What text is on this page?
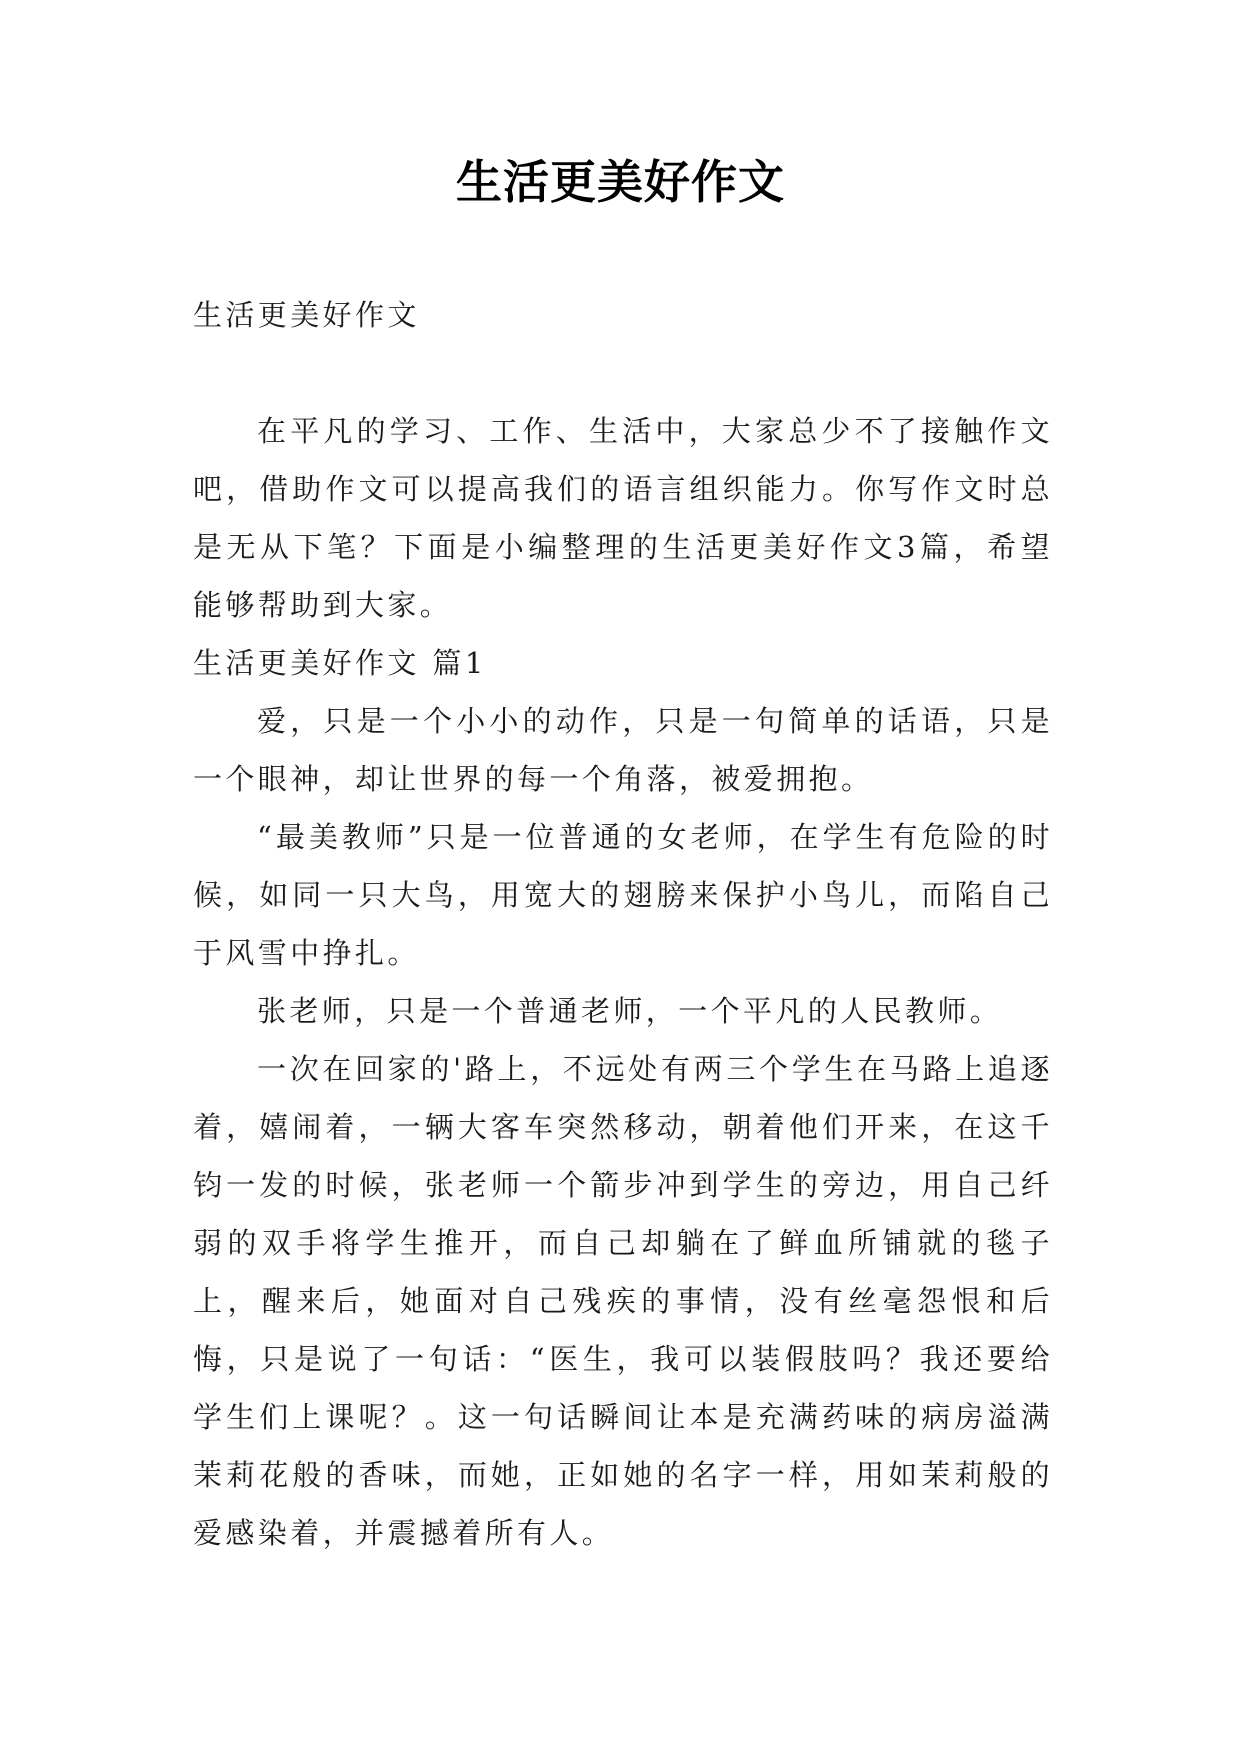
生活更美好作文

生活更美好作文

在平凡的学习、工作、生活中，大家总少不了接触作文吧，借助作文可以提高我们的语言组织能力。你写作文时总是无从下笔？下面是小编整理的生活更美好作文3篇，希望能够帮助到大家。

生活更美好作文 篇1

爱，只是一个小小的动作，只是一句简单的话语，只是一个眼神，却让世界的每一个角落，被爱拥抱。

“最美教师”只是一位普通的女老师，在学生有危险的时候，如同一只大鸟，用宽大的翅膀来保护小鸟儿，而陷自己于风雪中挣扎。

张老师，只是一个普通老师，一个平凡的人民教师。

一次在回家的'路上，不远处有两三个学生在马路上追逐着，嬉闹着，一辆大客车突然移动，朝着他们开来，在这千钧一发的时候，张老师一个箭步冲到学生的旁边，用自己纤弱的双手将学生推开，而自己却躺在了鲜血所铺就的毯子上，醒来后，她面对自己残疾的事情，没有丝毫怨恨和后悔，只是说了一句话：“医生，我可以装假肢吗？我还要给学生们上课呢？。这一句话瞬间让本是充满药味的病房溢满茉莉花般的香味，而她，正如她的名字一样，用如茉莉般的爱感染着，并震撼着所有人。
